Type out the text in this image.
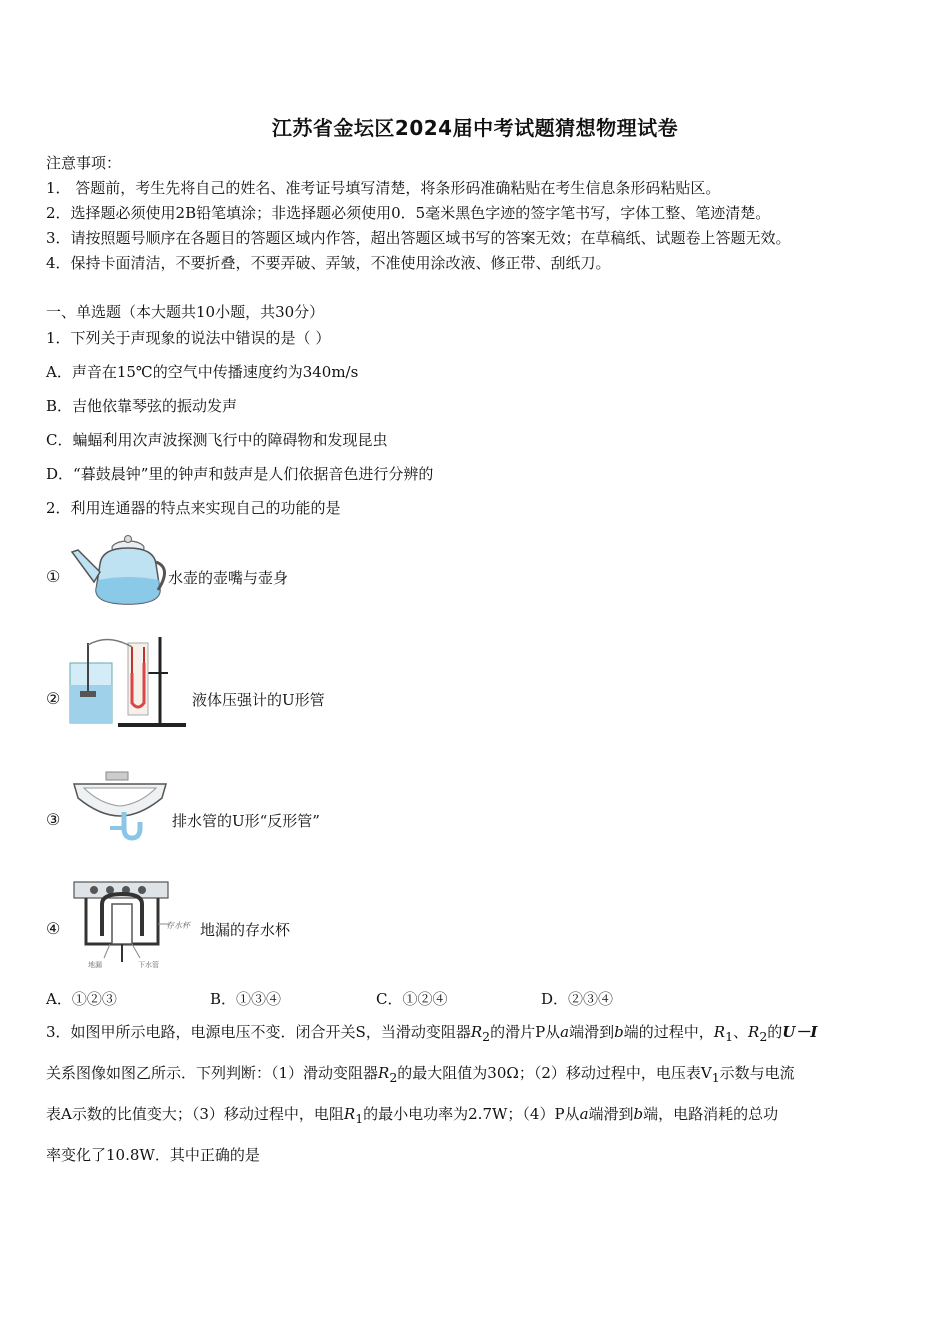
江苏省金坛区2024届中考试题猜想物理试卷
注意事项：
1． 答题前，考生先将自己的姓名、准考证号填写清楚，将条形码准确粘贴在考生信息条形码粘贴区。
2．选择题必须使用2B铅笔填涂；非选择题必须使用0．5毫米黑色字迹的签字笔书写，字体工整、笔迹清楚。
3．请按照题号顺序在各题目的答题区域内作答，超出答题区域书写的答案无效；在草稿纸、试题卷上答题无效。
4．保持卡面清洁，不要折叠，不要弄破、弄皱，不准使用涂改液、修正带、刮纸刀。
一、单选题（本大题共10小题，共30分）
1．下列关于声现象的说法中错误的是（ ）
A．声音在15℃的空气中传播速度约为340m/s
B．吉他依靠琴弦的振动发声
C．蝙蝠利用次声波探测飞行中的障碍物和发现昆虫
D．“暮鼓晨钟”里的钟声和鼓声是人们依据音色进行分辨的
2．利用连通器的特点来实现自己的功能的是
①	水壶的壶嘴与壶身
②	液体压强计的U形管
③	排水管的U形“反形管”
④	存水杯
地漏	下水管
地漏的存水杯
A．①②③	B．①③④	C．①②④	D．②③④
3．如图甲所示电路，电源电压不变．闭合开关S，当滑动变阻器$R_2$的滑片P从a端滑到b端的过程中，$R_1$、$R_2$的U－I
关系图像如图乙所示．下列判断：（1）滑动变阻器$R_2$的最大阻值为30Ω；（2）移动过程中，电压表$V_1$示数与电流
表A示数的比值变大；（3）移动过程中，电阻$R_1$的最小电功率为2.7W；（4）P从a端滑到b端，电路消耗的总功
率变化了10.8W．其中正确的是
